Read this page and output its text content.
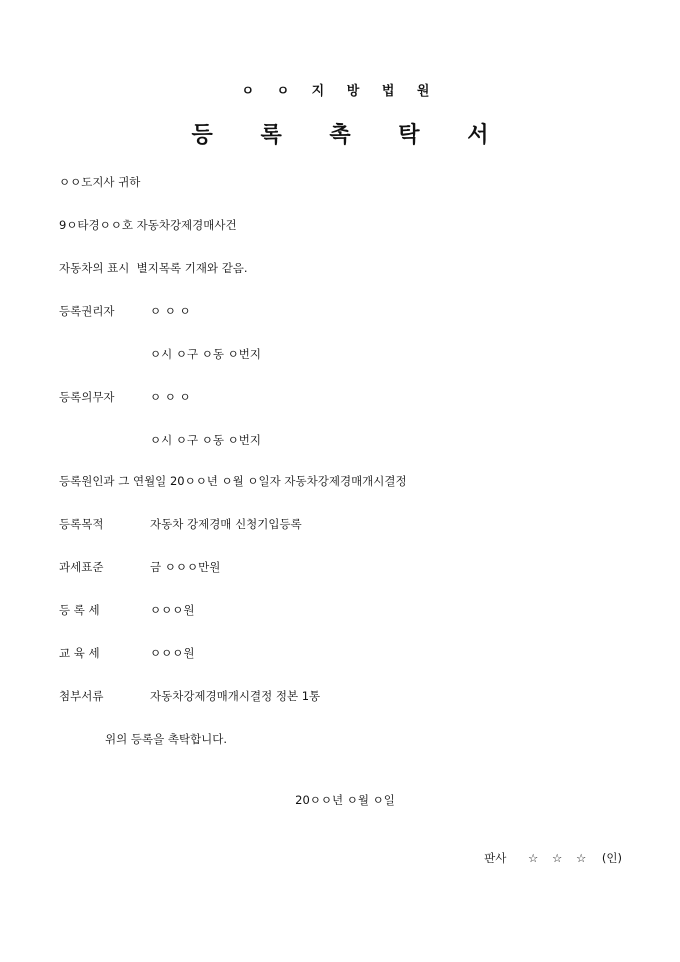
ㅇ ㅇ 지 방 법 원
등 록 촉 탁 서
ㅇㅇ도지사 귀하
9ㅇ타경ㅇㅇ호 자동차강제경매사건
자동차의 표시 별지목록 기재와 같음.
등록권리자	ㅇ ㅇ ㅇ
ㅇ시 ㅇ구 ㅇ동 ㅇ번지
등록의무자	ㅇ ㅇ ㅇ
ㅇ시 ㅇ구 ㅇ동 ㅇ번지
등록원인과 그 연월일 20ㅇㅇ년 ㅇ월 ㅇ일자 자동차강제경매개시결정
등록목적	자동차 강제경매 신청기입등록
과세표준	금 ㅇㅇㅇ만원
등 록 세	ㅇㅇㅇ원
교 육 세	ㅇㅇㅇ원
첨부서류	자동차강제경매개시결정 정본 1통
위의 등록을 촉탁합니다.
20ㅇㅇ년 ㅇ월 ㅇ일
판사 ☆ ☆ ☆ (인)
